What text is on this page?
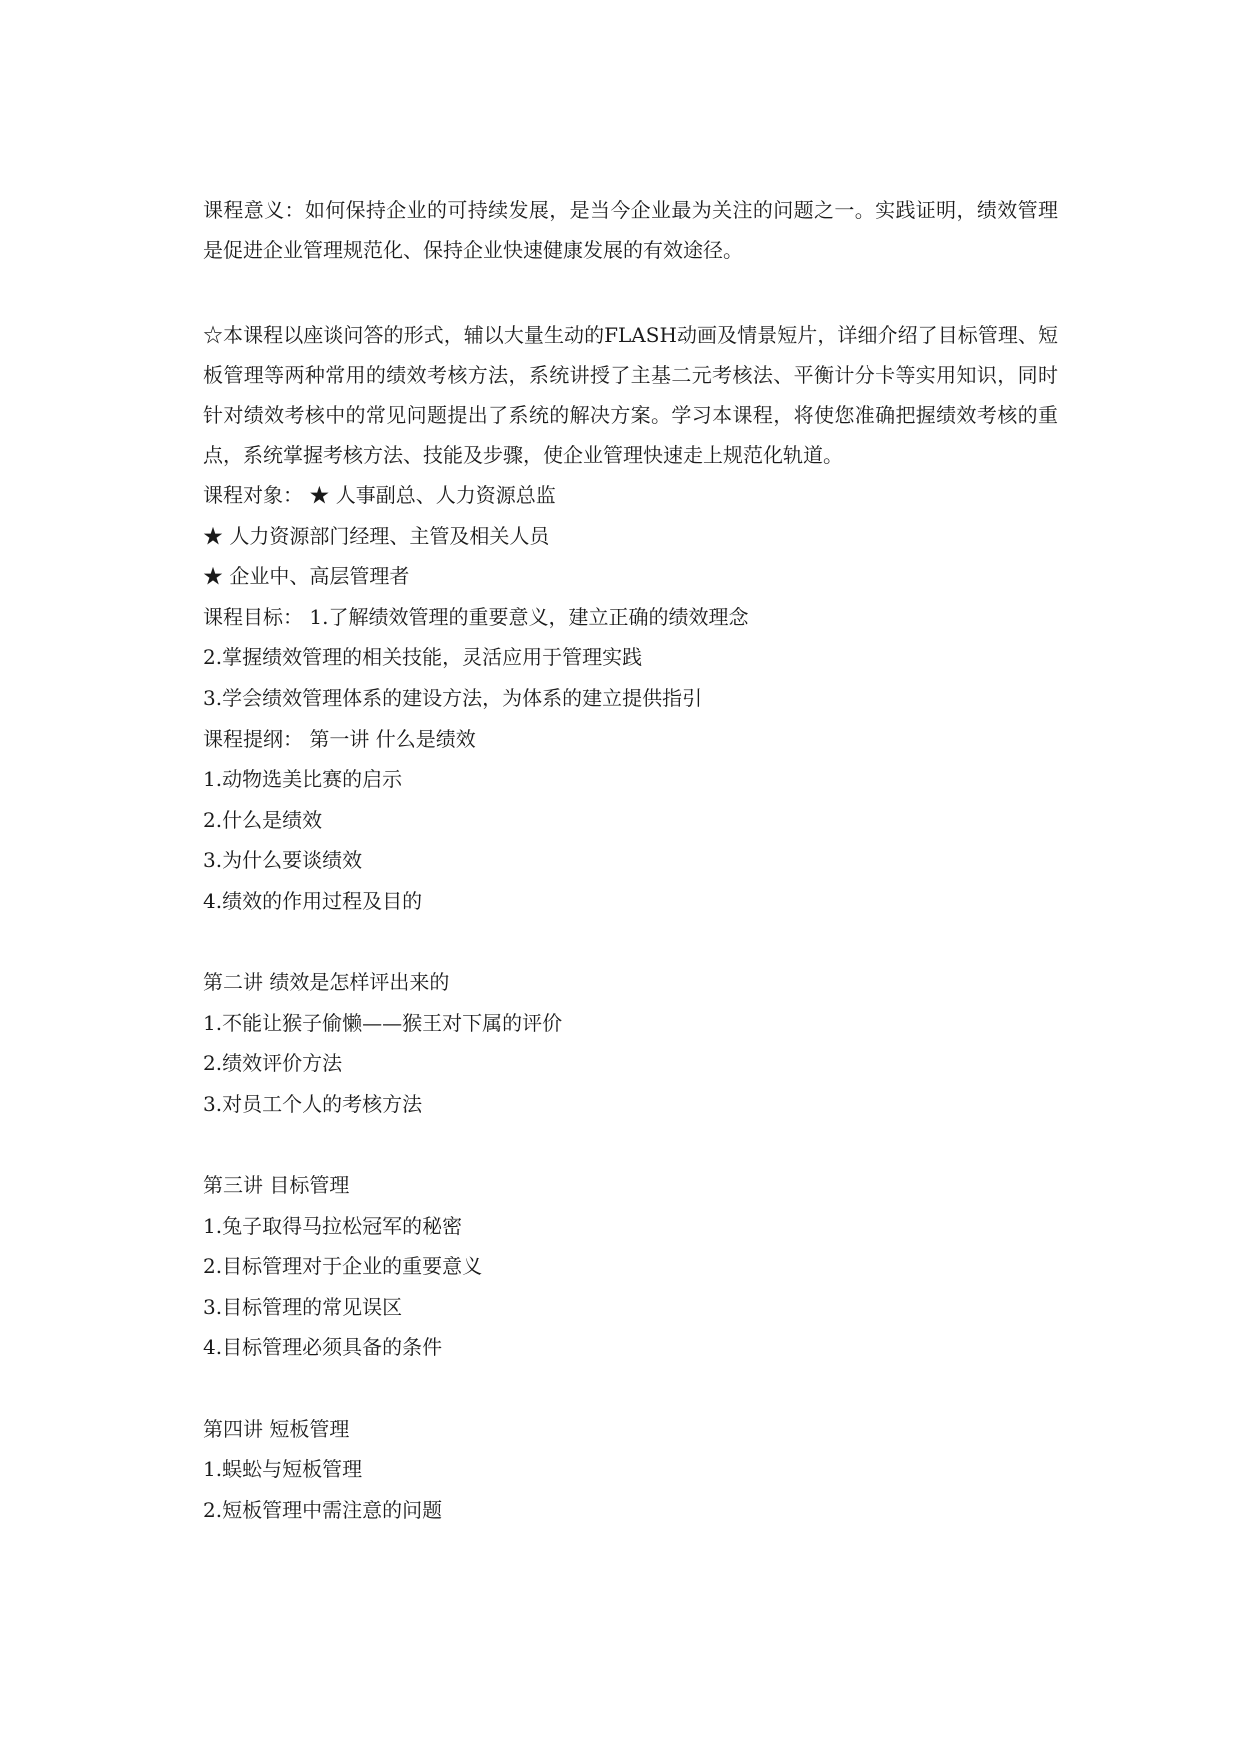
课程意义：如何保持企业的可持续发展，是当今企业最为关注的问题之一。实践证明，绩效管理是促进企业管理规范化、保持企业快速健康发展的有效途径。

☆本课程以座谈问答的形式，辅以大量生动的FLASH动画及情景短片，详细介绍了目标管理、短板管理等两种常用的绩效考核方法，系统讲授了主基二元考核法、平衡计分卡等实用知识，同时针对绩效考核中的常见问题提出了系统的解决方案。学习本课程，将使您准确把握绩效考核的重点，系统掌握考核方法、技能及步骤，使企业管理快速走上规范化轨道。

课程对象： ★ 人事副总、人力资源总监
★ 人力资源部门经理、主管及相关人员
★ 企业中、高层管理者
课程目标： 1.了解绩效管理的重要意义，建立正确的绩效理念
2.掌握绩效管理的相关技能，灵活应用于管理实践
3.学会绩效管理体系的建设方法，为体系的建立提供指引
课程提纲： 第一讲 什么是绩效
1.动物选美比赛的启示
2.什么是绩效
3.为什么要谈绩效
4.绩效的作用过程及目的
第二讲 绩效是怎样评出来的
1.不能让猴子偷懒——猴王对下属的评价
2.绩效评价方法
3.对员工个人的考核方法
第三讲 目标管理
1.兔子取得马拉松冠军的秘密
2.目标管理对于企业的重要意义
3.目标管理的常见误区
4.目标管理必须具备的条件
第四讲 短板管理
1.蜈蚣与短板管理
2.短板管理中需注意的问题
